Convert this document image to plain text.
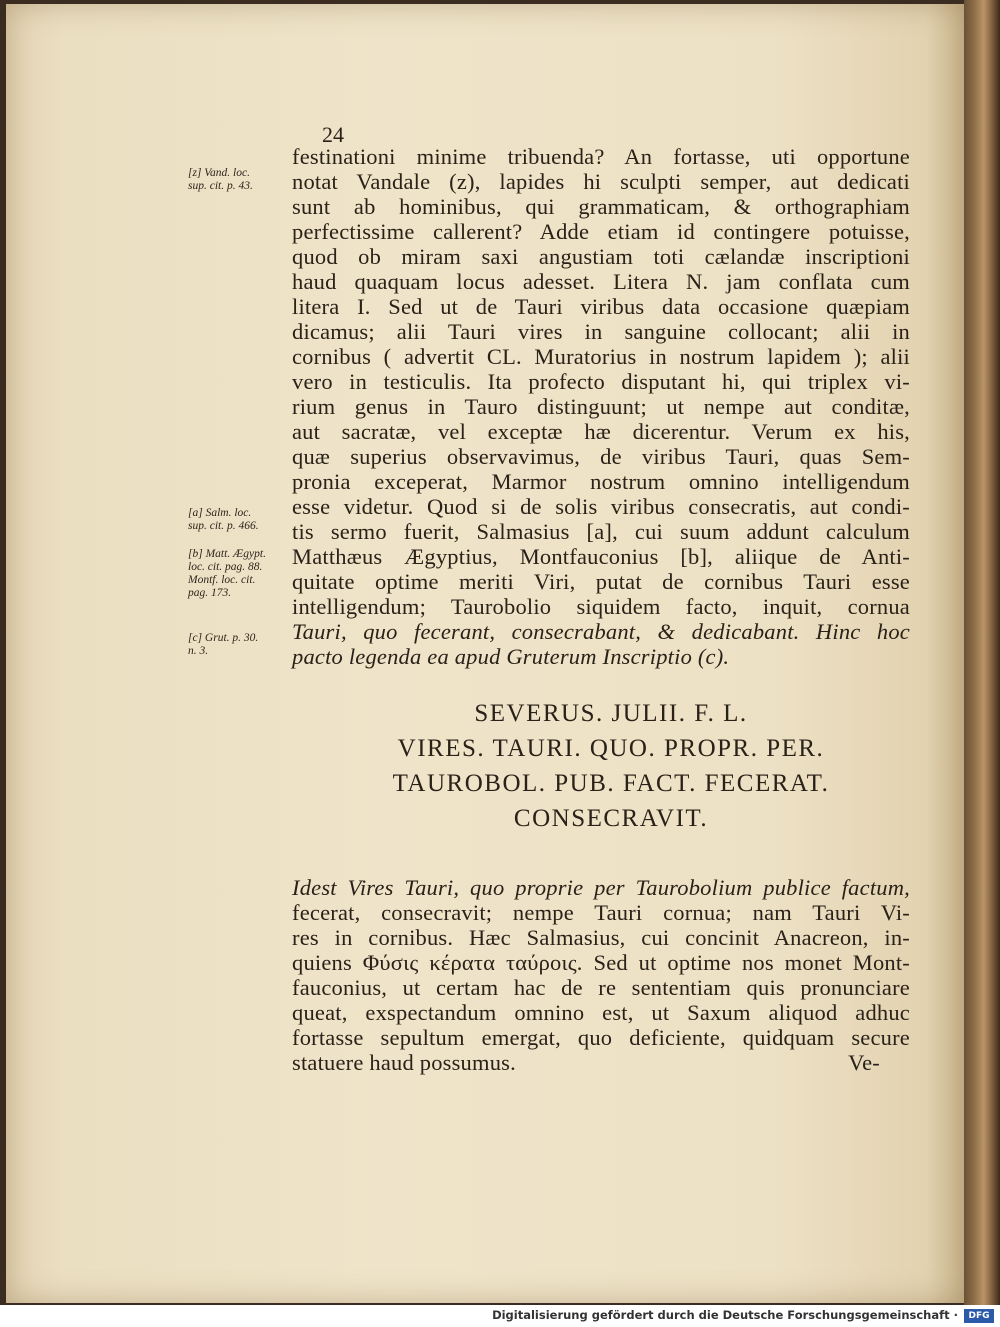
24
[z] Vand. loc.
sup. cit. p. 43.
[a] Salm. loc.
sup. cit. p. 466.
[b] Matt. Ægypt.
loc. cit. pag. 88.
Montf. loc. cit.
pag. 173.
[c] Grut. p. 30.
n. 3.
festinationi minime tribuenda? An fortasse, uti opportune
notat Vandale (z), lapides hi sculpti semper, aut dedicati
sunt ab hominibus, qui grammaticam, & orthographiam
perfectissime callerent? Adde etiam id contingere potuisse,
quod ob miram saxi angustiam toti cælandæ inscriptioni
haud quaquam locus adesset. Litera N. jam conflata cum
litera I. Sed ut de Tauri viribus data occasione quæpiam
dicamus; alii Tauri vires in sanguine collocant; alii in
cornibus ( advertit CL. Muratorius in nostrum lapidem ); alii
vero in testiculis. Ita profecto disputant hi, qui triplex vi-
rium genus in Tauro distinguunt; ut nempe aut conditæ,
aut sacratæ, vel exceptæ hæ dicerentur. Verum ex his,
quæ superius observavimus, de viribus Tauri, quas Sem-
pronia exceperat, Marmor nostrum omnino intelligendum
esse videtur. Quod si de solis viribus consecratis, aut condi-
tis sermo fuerit, Salmasius [a], cui suum addunt calculum
Matthæus Ægyptius, Montfauconius [b], aliique de Anti-
quitate optime meriti Viri, putat de cornibus Tauri esse
intelligendum; Taurobolio siquidem facto, inquit, cornua
Tauri, quo fecerant, consecrabant, & dedicabant. Hinc hoc
pacto legenda ea apud Gruterum Inscriptio (c).
SEVERUS. JULII. F. L.
VIRES. TAURI. QUO. PROPR. PER.
TAUROBOL. PUB. FACT. FECERAT.
CONSECRAVIT.
Idest Vires Tauri, quo proprie per Taurobolium publice factum,
fecerat, consecravit; nempe Tauri cornua; nam Tauri Vi-
res in cornibus. Hæc Salmasius, cui concinit Anacreon, in-
quiens Φύσις κέρατα ταύροις. Sed ut optime nos monet Mont-
fauconius, ut certam hac de re sententiam quis pronunciare
queat, exspectandum omnino est, ut Saxum aliquod adhuc
fortasse sepultum emergat, quo deficiente, quidquam secure
statuere haud possumus.	Ve-
Digitalisierung gefördert durch die Deutsche Forschungsgemeinschaft ·	DFG
